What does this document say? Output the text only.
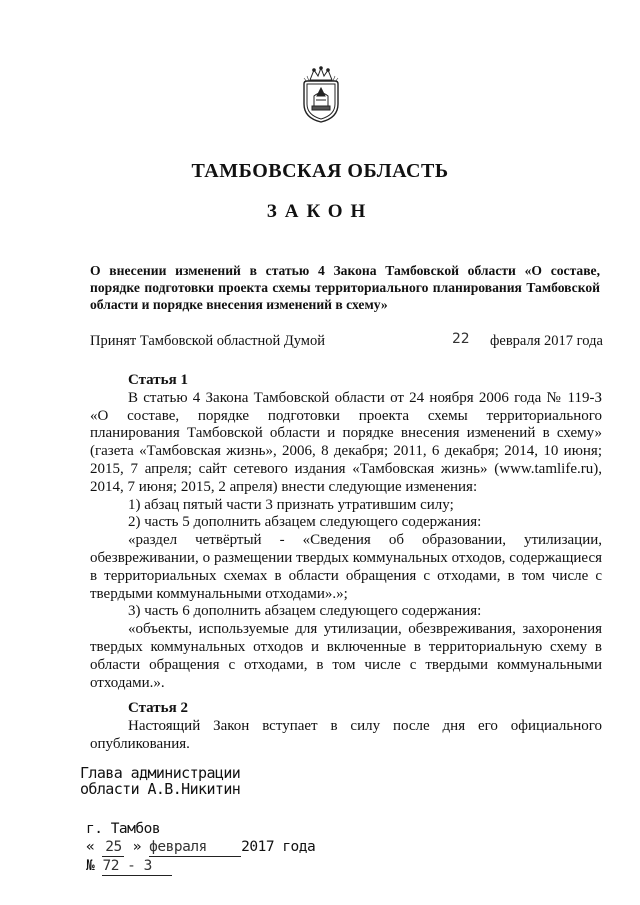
ТАМБОВСКАЯ ОБЛАСТЬ
ЗАКОН
О внесении изменений в статью 4 Закона Тамбовской области «О составе, порядке подготовки проекта схемы территориального планирования Тамбовской области и порядке внесения изменений в схему»
Принят Тамбовской областной Думой	22 февраля 2017 года

Статья 1

В статью 4 Закона Тамбовской области от 24 ноября 2006 года № 119-З «О составе, порядке подготовки проекта схемы территориального планирования Тамбовской области и порядке внесения изменений в схему» (газета «Тамбовская жизнь», 2006, 8 декабря; 2011, 6 декабря; 2014, 10 июня; 2015, 7 апреля; сайт сетевого издания «Тамбовская жизнь» (www.tamlife.ru), 2014, 7 июня; 2015, 2 апреля) внести следующие изменения:

1) абзац пятый части 3 признать утратившим силу;

2) часть 5 дополнить абзацем следующего содержания:

«раздел четвёртый - «Сведения об образовании, утилизации, обезвреживании, о размещении твердых коммунальных отходов, содержащиеся в территориальных схемах в области обращения с отходами, в том числе с твердыми коммунальными отходами».»;

3) часть 6 дополнить абзацем следующего содержания:

«объекты, используемые для утилизации, обезвреживания, захоронения твердых коммунальных отходов и включенные в территориальную схему в области обращения с отходами, в том числе с твердыми коммунальными отходами.».

Статья 2

Настоящий Закон вступает в силу после дня его официального опубликования.

Глава администрации
области А.В.Никитин
г. Тамбов
« 25 » февраля 2017 года
№ 72 - З
